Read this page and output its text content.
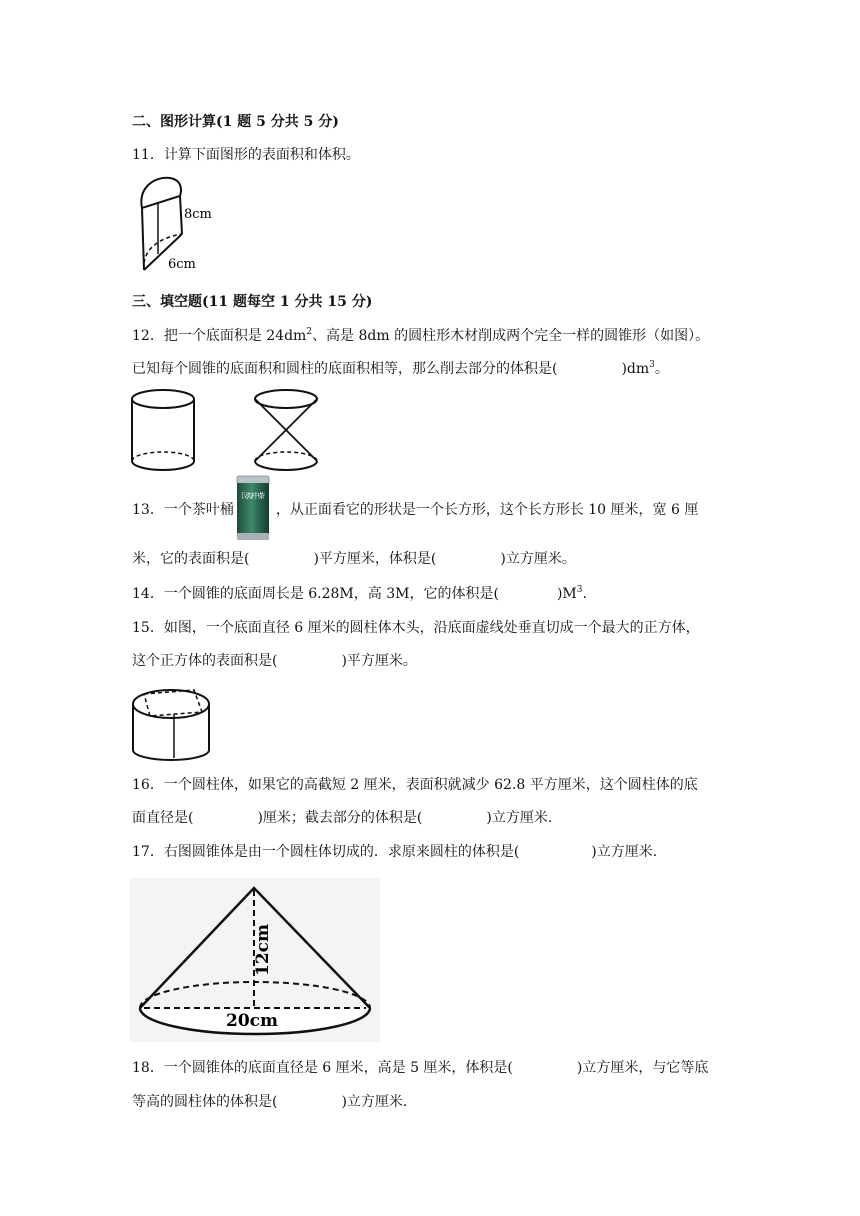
二、图形计算(1 题 5 分共 5 分)
11．计算下面图形的表面积和体积。
8cm
6cm
三、填空题(11 题每空 1 分共 15 分)
12．把一个底面积是 $24dm^2$、高是 8dm 的圆柱形木材削成两个完全一样的圆锥形（如图）。
已知每个圆锥的底面积和圆柱的底面积相等，那么削去部分的体积是(	)$dm^3$。
13．一个茶叶桶	，从正面看它的形状是一个长方形，这个长方形长 10 厘米，宽 6 厘
汉煌中茶
米，它的表面积是(	)平方厘米，体积是(	)立方厘米。
14．一个圆锥的底面周长是 6.28M，高 3M，它的体积是(	)$M^3$.
15．如图，一个底面直径 6 厘米的圆柱体木头，沿底面虚线处垂直切成一个最大的正方体，
这个正方体的表面积是(	)平方厘米。
16．一个圆柱体，如果它的高截短 2 厘米，表面积就减少 62.8 平方厘米，这个圆柱体的底
面直径是(	)厘米；截去部分的体积是(	)立方厘米.
17．右图圆锥体是由一个圆柱体切成的．求原来圆柱的体积是(	)立方厘米.
12cm
20cm
18．一个圆锥体的底面直径是 6 厘米，高是 5 厘米，体积是(	)立方厘米，与它等底
等高的圆柱体的体积是(	)立方厘米.
